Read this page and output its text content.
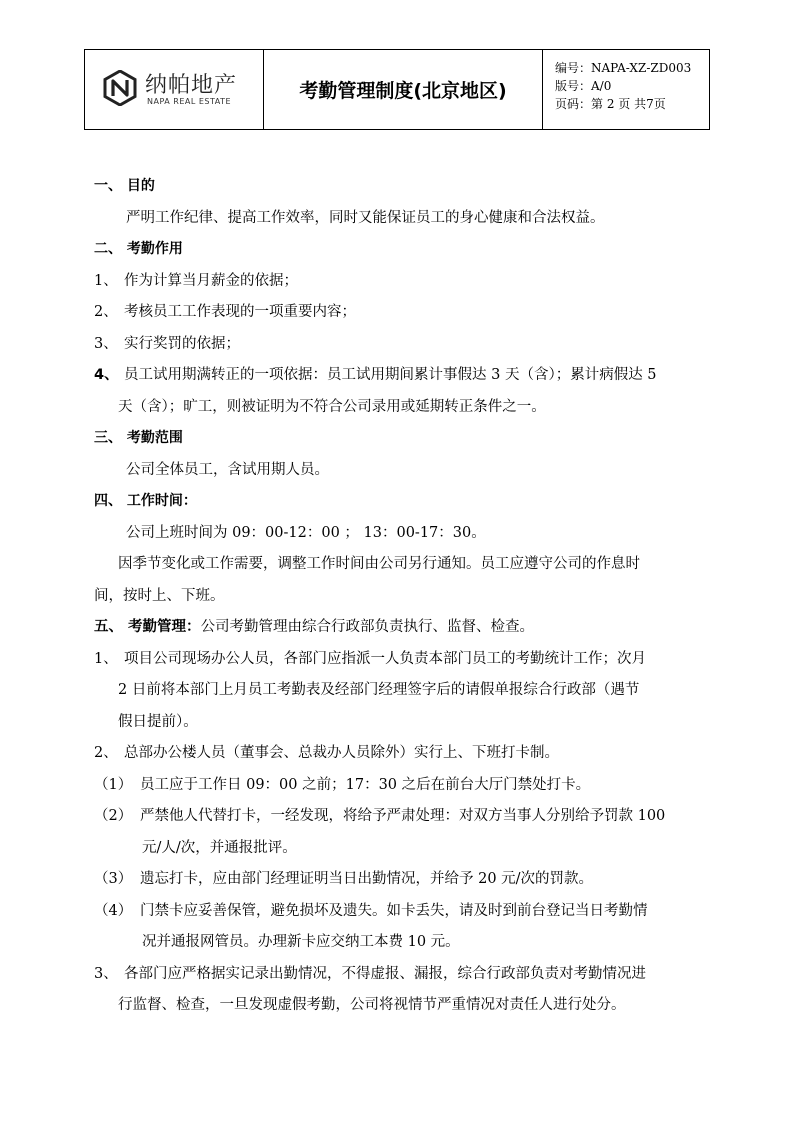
纳帕地产
NAPA REAL ESTATE	考勤管理制度(北京地区)
编号：NAPA-XZ-ZD003
版号：A/0
页码：第 2 页 共7页
一、 目的
严明工作纪律、提高工作效率，同时又能保证员工的身心健康和合法权益。
二、 考勤作用
1、 作为计算当月薪金的依据；
2、 考核员工工作表现的一项重要内容；
3、 实行奖罚的依据；
4、 员工试用期满转正的一项依据：员工试用期间累计事假达 3 天（含）；累计病假达 5
天（含）；旷工，则被证明为不符合公司录用或延期转正条件之一。
三、 考勤范围
公司全体员工，含试用期人员。
四、 工作时间：
公司上班时间为 09：00-12：00 ； 13：00-17：30。
因季节变化或工作需要，调整工作时间由公司另行通知。员工应遵守公司的作息时
间，按时上、下班。
五、 考勤管理：公司考勤管理由综合行政部负责执行、监督、检查。
1、 项目公司现场办公人员，各部门应指派一人负责本部门员工的考勤统计工作；次月
2 日前将本部门上月员工考勤表及经部门经理签字后的请假单报综合行政部（遇节
假日提前）。
2、 总部办公楼人员（董事会、总裁办人员除外）实行上、下班打卡制。
（1） 员工应于工作日 09：00 之前；17：30 之后在前台大厅门禁处打卡。
（2） 严禁他人代替打卡，一经发现，将给予严肃处理：对双方当事人分别给予罚款 100
元/人/次，并通报批评。
（3） 遗忘打卡，应由部门经理证明当日出勤情况，并给予 20 元/次的罚款。
（4） 门禁卡应妥善保管，避免损坏及遗失。如卡丢失，请及时到前台登记当日考勤情
况并通报网管员。办理新卡应交纳工本费 10 元。
3、 各部门应严格据实记录出勤情况，不得虚报、漏报，综合行政部负责对考勤情况进
行监督、检查，一旦发现虚假考勤，公司将视情节严重情况对责任人进行处分。
